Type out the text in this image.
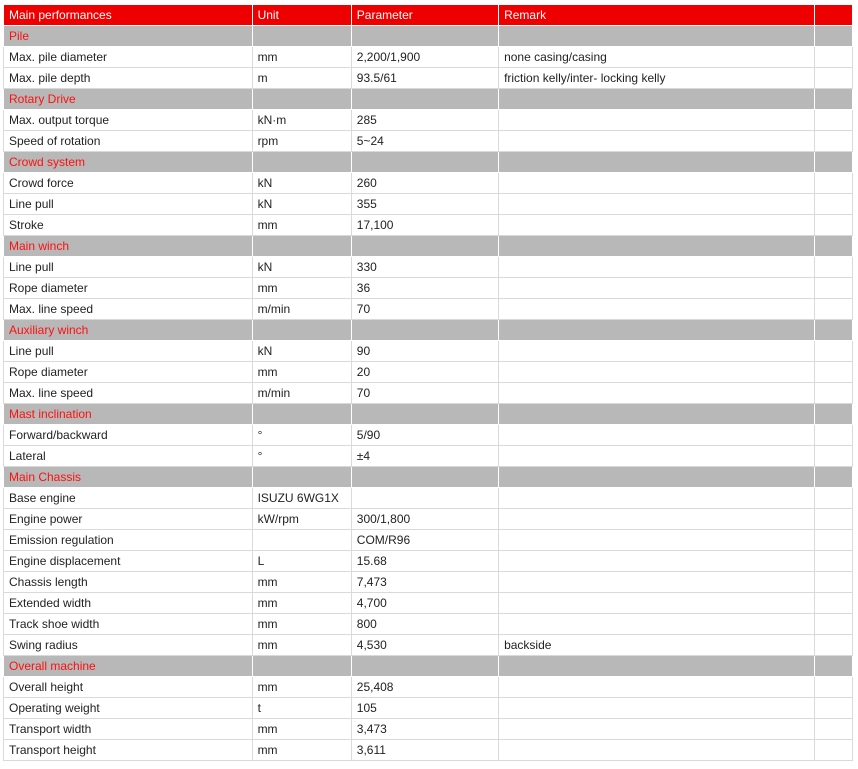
Main performances	Unit	Parameter	Remark	
Pile				
Max. pile diameter	mm	2,200/1,900	none casing/casing	
Max. pile depth	m	93.5/61	friction kelly/inter- locking kelly	
Rotary Drive				
Max. output torque	kN·m	285		
Speed of rotation	rpm	5~24		
Crowd system				
Crowd force	kN	260		
Line pull	kN	355		
Stroke	mm	17,100		
Main winch				
Line pull	kN	330		
Rope diameter	mm	36		
Max. line speed	m/min	70		
Auxiliary winch				
Line pull	kN	90		
Rope diameter	mm	20		
Max. line speed	m/min	70		
Mast inclination				
Forward/backward	°	5/90		
Lateral	°	±4		
Main Chassis				
Base engine	ISUZU 6WG1X			
Engine power	kW/rpm	300/1,800		
Emission regulation		COM/R96		
Engine displacement	L	15.68		
Chassis length	mm	7,473		
Extended width	mm	4,700		
Track shoe width	mm	800		
Swing radius	mm	4,530	backside	
Overall machine				
Overall height	mm	25,408		
Operating weight	t	105		
Transport width	mm	3,473		
Transport height	mm	3,611		
